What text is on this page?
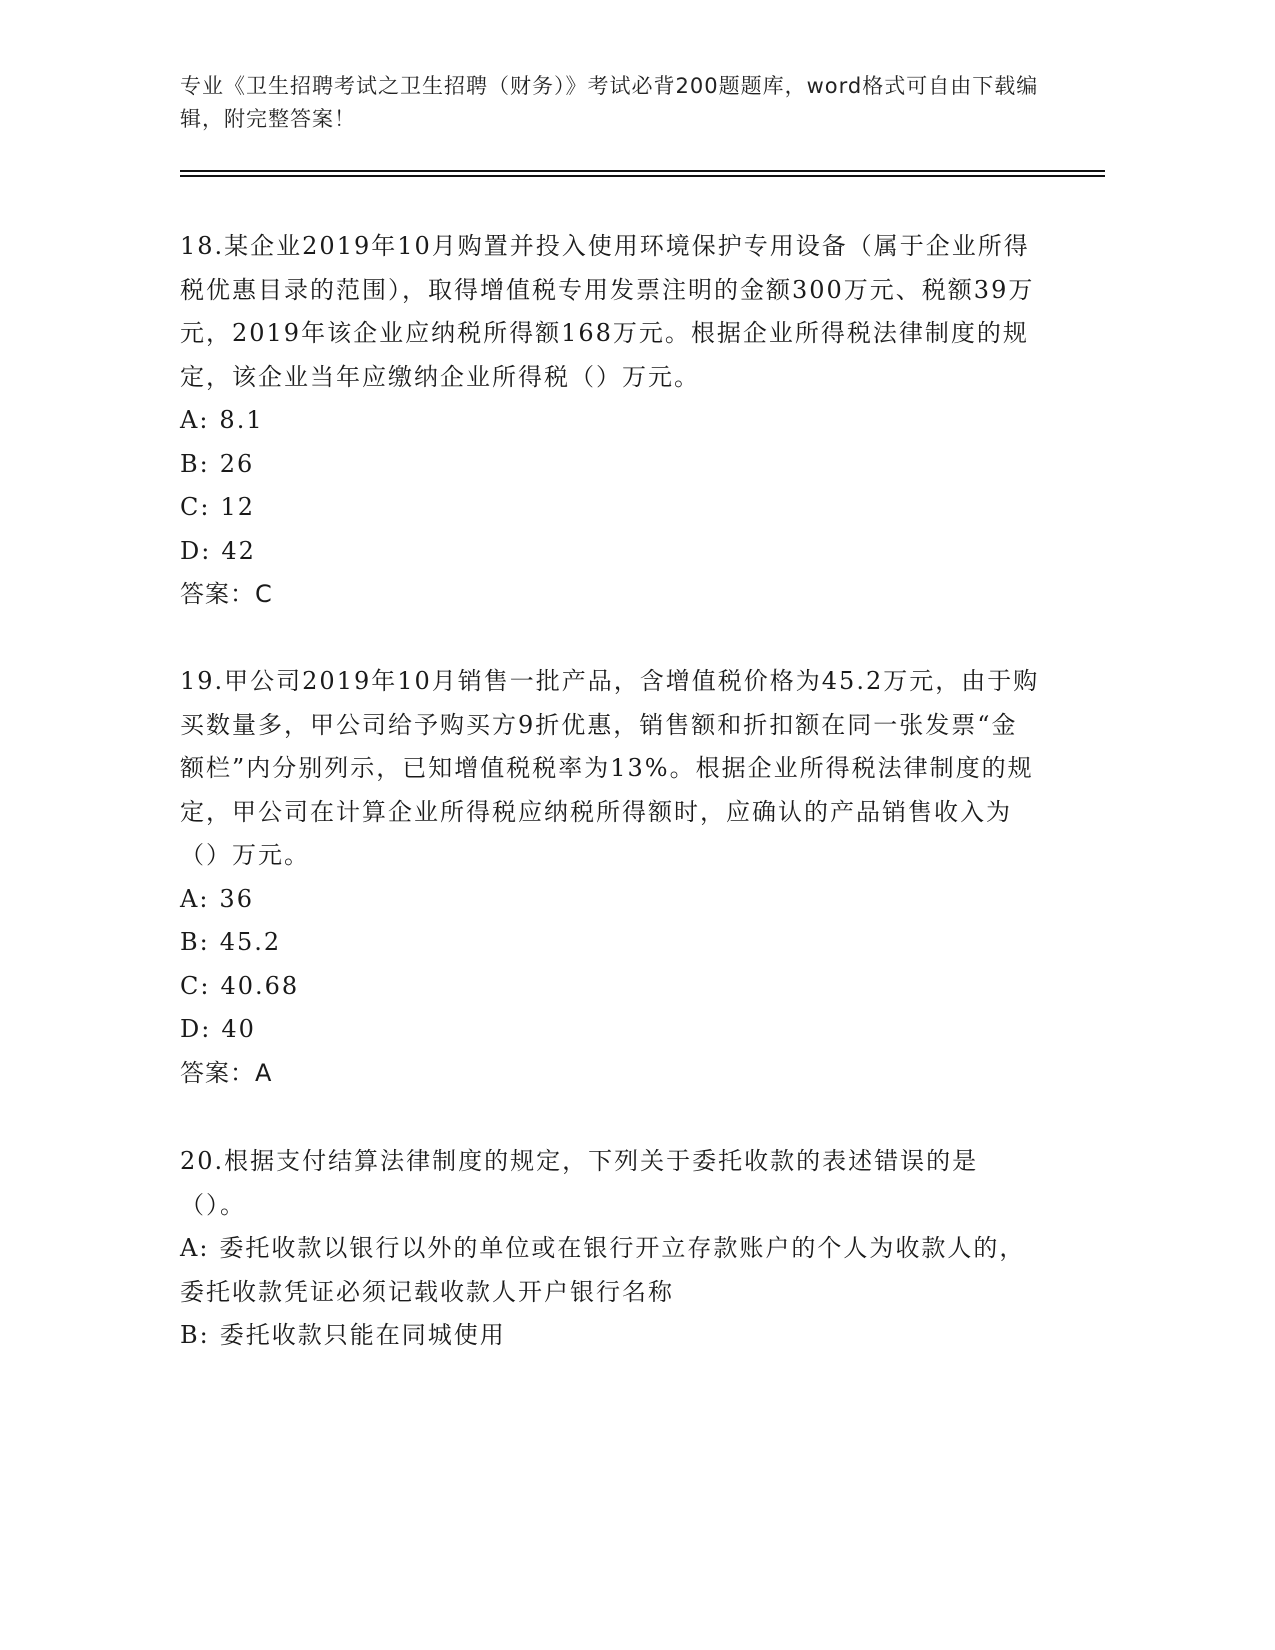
专业《卫生招聘考试之卫生招聘（财务）》考试必背200题题库，word格式可自由下载编辑，附完整答案！

18.某企业2019年10月购置并投入使用环境保护专用设备（属于企业所得税优惠目录的范围），取得增值税专用发票注明的金额300万元、税额39万元，2019年该企业应纳税所得额168万元。根据企业所得税法律制度的规定，该企业当年应缴纳企业所得税（）万元。

A: 8.1

B: 26

C: 12

D: 42

答案：C

19.甲公司2019年10月销售一批产品，含增值税价格为45.2万元，由于购买数量多，甲公司给予购买方9折优惠，销售额和折扣额在同一张发票“金额栏”内分别列示，已知增值税税率为13%。根据企业所得税法律制度的规定，甲公司在计算企业所得税应纳税所得额时，应确认的产品销售收入为（）万元。

A: 36

B: 45.2

C: 40.68

D: 40

答案：A

20.根据支付结算法律制度的规定，下列关于委托收款的表述错误的是（）。

A: 委托收款以银行以外的单位或在银行开立存款账户的个人为收款人的，委托收款凭证必须记载收款人开户银行名称

B: 委托收款只能在同城使用
